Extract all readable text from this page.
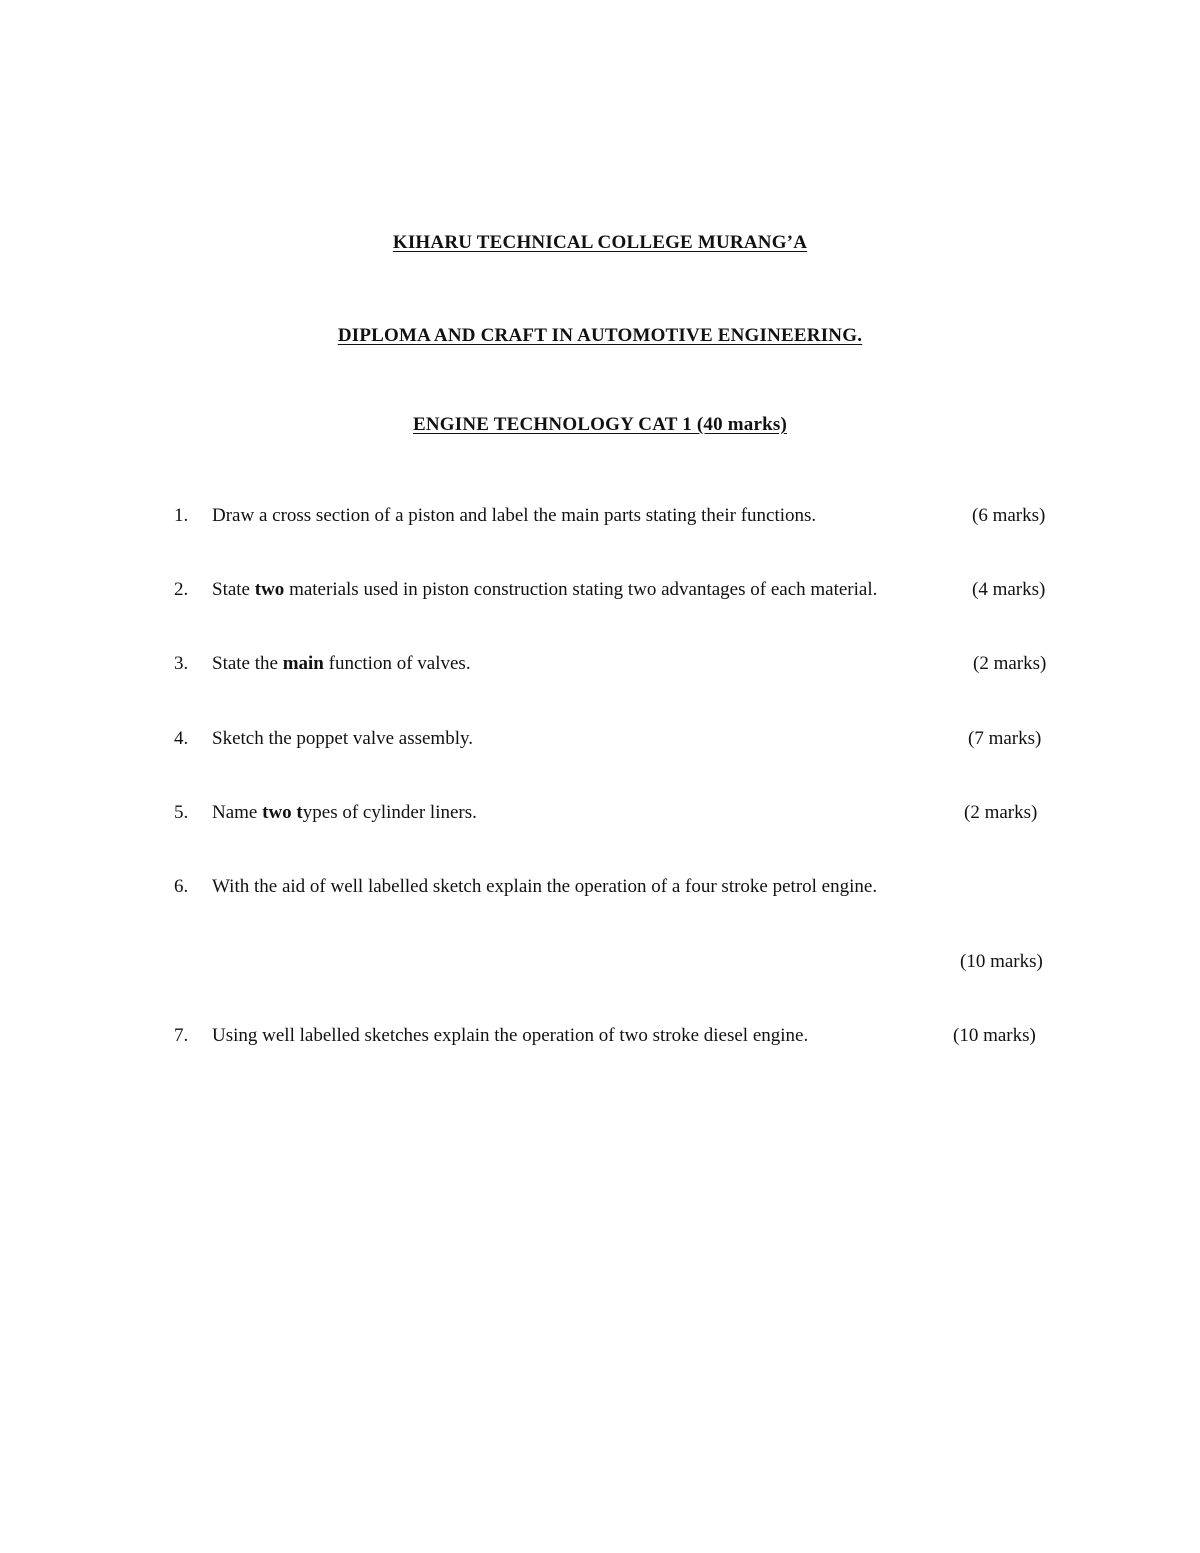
KIHARU TECHNICAL COLLEGE MURANG’A
DIPLOMA AND CRAFT IN AUTOMOTIVE ENGINEERING.
ENGINE TECHNOLOGY CAT 1 (40 marks)
1. Draw a cross section of a piston and label the main parts stating their functions.	(6 marks)
2. State two materials used in piston construction stating two advantages of each material.	(4 marks)
3. State the main function of valves.	(2 marks)
4. Sketch the poppet valve assembly.	(7 marks)
5. Name two types of cylinder liners.	(2 marks)
6. With the aid of well labelled sketch explain the operation of a four stroke petrol engine.
(10 marks)
7. Using well labelled sketches explain the operation of two stroke diesel engine.	(10 marks)
